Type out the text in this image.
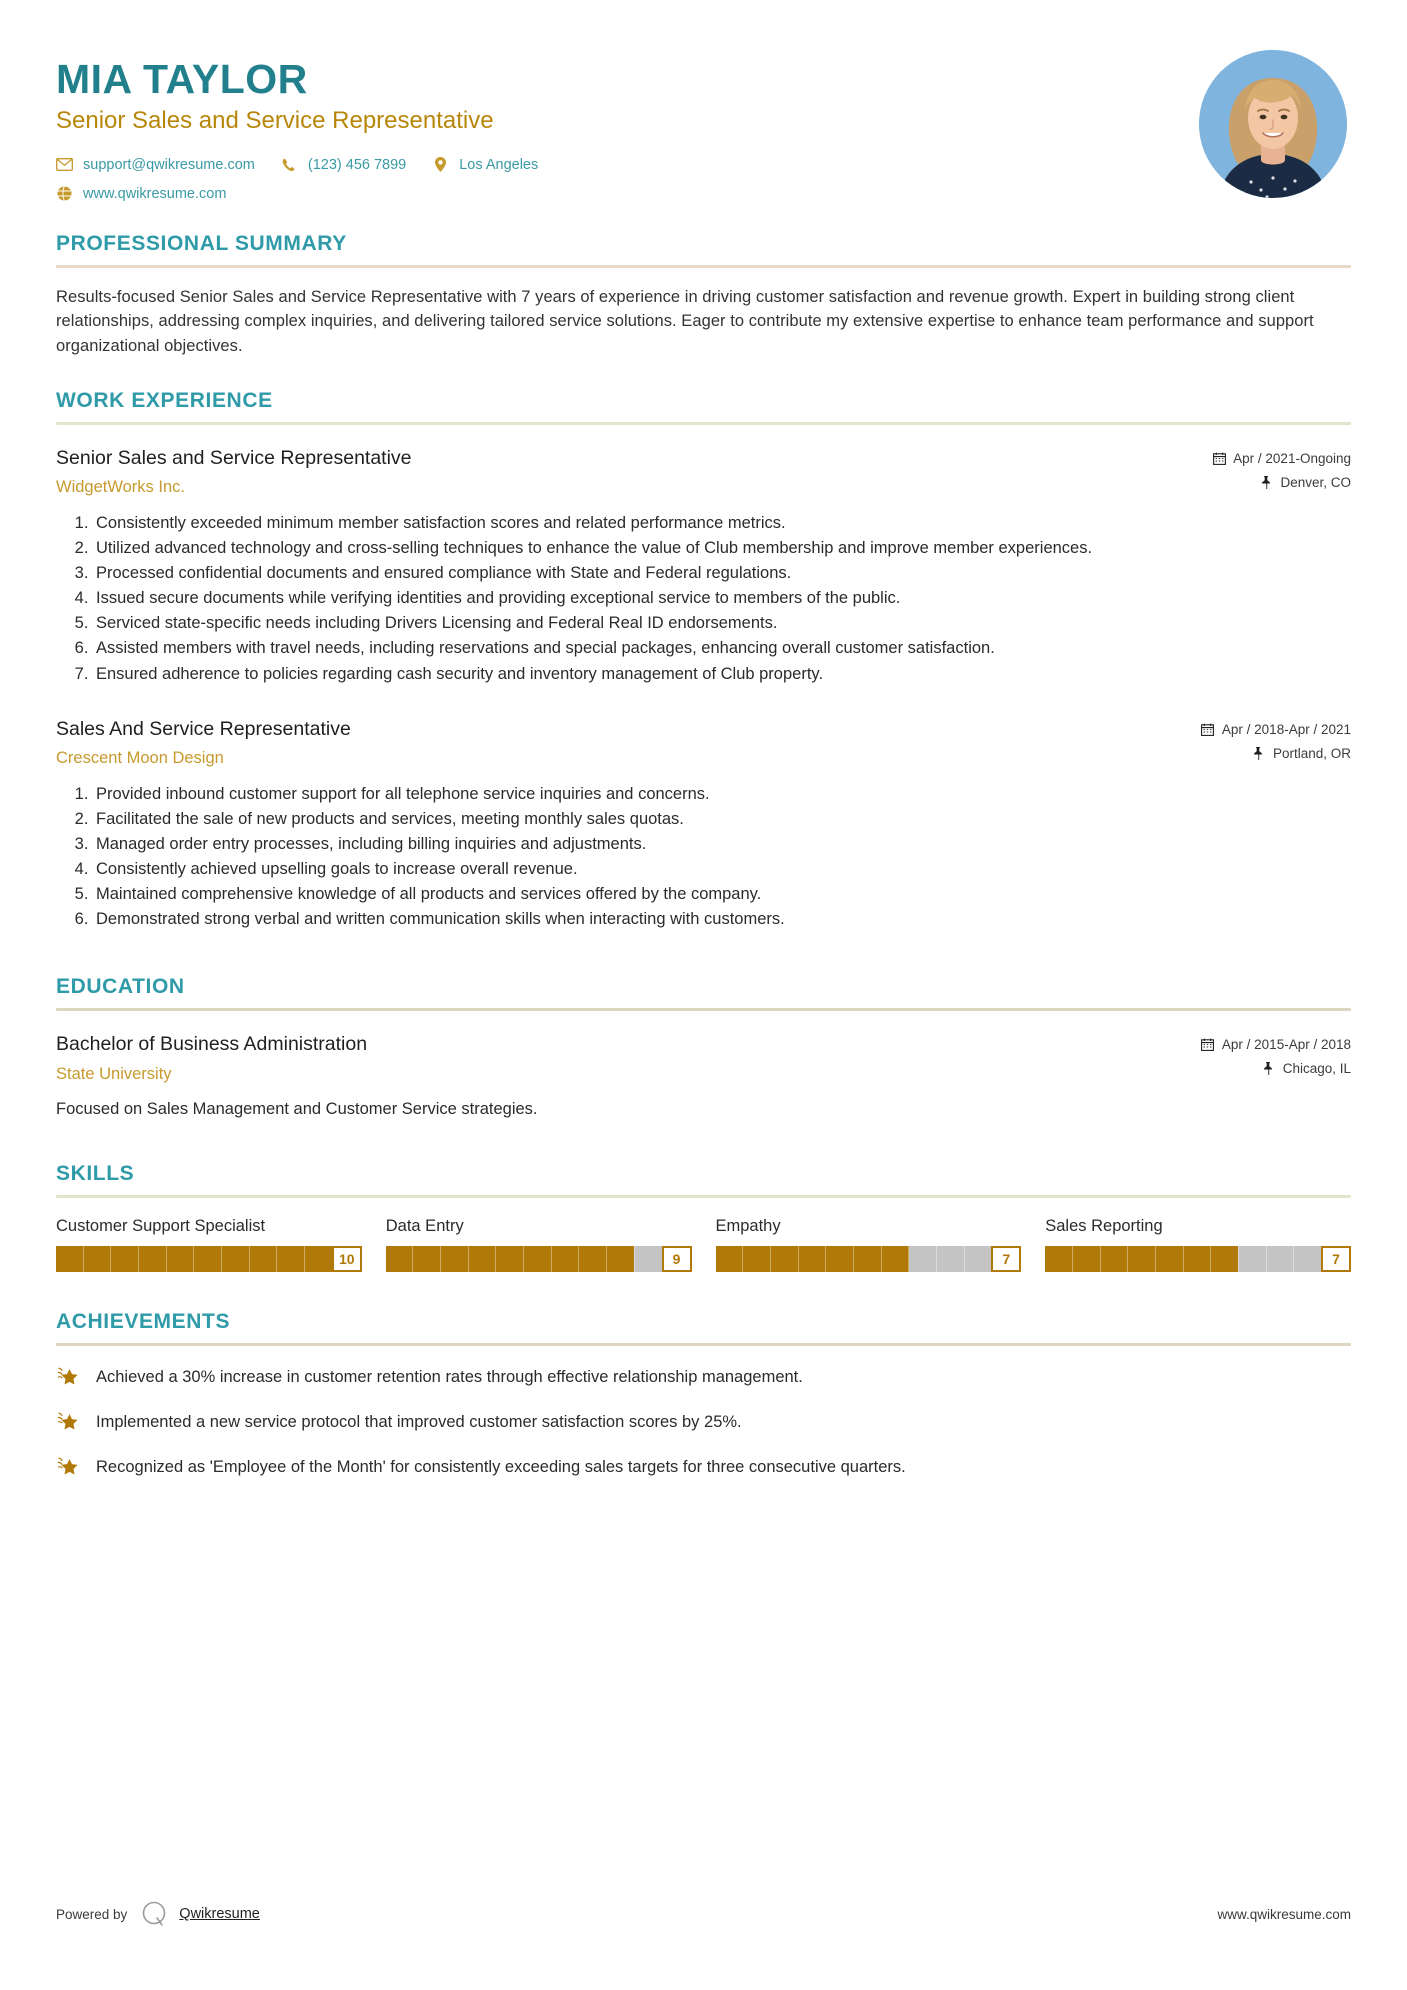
MIA TAYLOR
Senior Sales and Service Representative
support@qwikresume.com	(123) 456 7899	Los Angeles
www.qwikresume.com
PROFESSIONAL SUMMARY

Results-focused Senior Sales and Service Representative with 7 years of experience in driving customer satisfaction and revenue growth. Expert in building strong client relationships, addressing complex inquiries, and delivering tailored service solutions. Eager to contribute my extensive expertise to enhance team performance and support organizational objectives.

WORK EXPERIENCE
Senior Sales and Service Representative
WidgetWorks Inc.
Apr / 2021-Ongoing
Denver, CO
1. Consistently exceeded minimum member satisfaction scores and related performance metrics.
2. Utilized advanced technology and cross-selling techniques to enhance the value of Club membership and improve member experiences.
3. Processed confidential documents and ensured compliance with State and Federal regulations.
4. Issued secure documents while verifying identities and providing exceptional service to members of the public.
5. Serviced state-specific needs including Drivers Licensing and Federal Real ID endorsements.
6. Assisted members with travel needs, including reservations and special packages, enhancing overall customer satisfaction.
7. Ensured adherence to policies regarding cash security and inventory management of Club property.
Sales And Service Representative
Crescent Moon Design
Apr / 2018-Apr / 2021
Portland, OR
1. Provided inbound customer support for all telephone service inquiries and concerns.
2. Facilitated the sale of new products and services, meeting monthly sales quotas.
3. Managed order entry processes, including billing inquiries and adjustments.
4. Consistently achieved upselling goals to increase overall revenue.
5. Maintained comprehensive knowledge of all products and services offered by the company.
6. Demonstrated strong verbal and written communication skills when interacting with customers.
EDUCATION
Bachelor of Business Administration
State University
Apr / 2015-Apr / 2018
Chicago, IL
Focused on Sales Management and Customer Service strategies.
SKILLS
Customer Support Specialist
10
Data Entry
9
Empathy
7
Sales Reporting
7
ACHIEVEMENTS
Achieved a 30% increase in customer retention rates through effective relationship management.
Implemented a new service protocol that improved customer satisfaction scores by 25%.
Recognized as 'Employee of the Month' for consistently exceeding sales targets for three consecutive quarters.
Powered by	Qwikresume	www.qwikresume.com
